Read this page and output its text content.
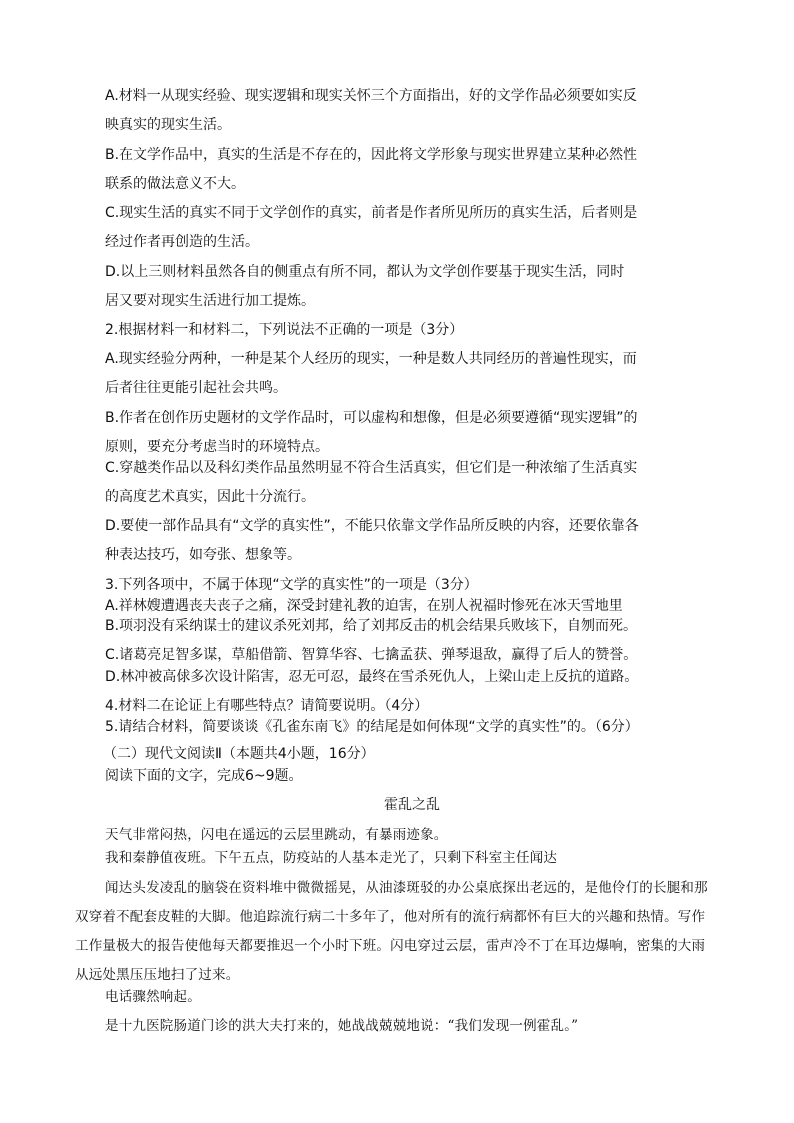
A.材料一从现实经验、现实逻辑和现实关怀三个方面指出，好的文学作品必须要如实反
映真实的现实生活。
B.在文学作品中，真实的生活是不存在的，因此将文学形象与现实世界建立某种必然性
联系的做法意义不大。
C.现实生活的真实不同于文学创作的真实，前者是作者所见所历的真实生活，后者则是
经过作者再创造的生活。
D.以上三则材料虽然各自的侧重点有所不同，都认为文学创作要基于现实生活，同时
居又要对现实生活进行加工提炼。
2.根据材料一和材料二，下列说法不正确的一项是（3分）
A.现实经验分两种，一种是某个人经历的现实，一种是数人共同经历的普遍性现实，而
后者往往更能引起社会共鸣。
B.作者在创作历史题材的文学作品时，可以虚构和想像，但是必须要遵循“现实逻辑”的
原则，要充分考虑当时的环境特点。
C.穿越类作品以及科幻类作品虽然明显不符合生活真实，但它们是一种浓缩了生活真实
的高度艺术真实，因此十分流行。
D.要使一部作品具有“文学的真实性”，不能只依靠文学作品所反映的内容，还要依靠各
种表达技巧，如夸张、想象等。
3.下列各项中，不属于体现“文学的真实性”的一项是（3分）
A.祥林嫂遭遇丧夫丧子之痛，深受封建礼教的迫害，在别人祝福时惨死在冰天雪地里
B.项羽没有采纳谋士的建议杀死刘邦，给了刘邦反击的机会结果兵败垓下，自刎而死。
C.诸葛亮足智多谋，草船借箭、智算华容、七擒孟获、弹琴退敌，赢得了后人的赞誉。
D.林冲被高俅多次设计陷害，忍无可忍，最终在雪杀死仇人，上梁山走上反抗的道路。
4.材料二在论证上有哪些特点？请简要说明。（4分）
5.请结合材料，简要谈谈《孔雀东南飞》的结尾是如何体现“文学的真实性”的。（6分）
（二）现代文阅读Ⅱ（本题共4小题，16分）
阅读下面的文字，完成6~9题。
霍乱之乱
天气非常闷热，闪电在遥远的云层里跳动，有暴雨迹象。
我和秦静值夜班。下午五点，防疫站的人基本走光了，只剩下科室主任闻达
闻达头发凌乱的脑袋在资料堆中微微摇晃，从油漆斑驳的办公桌底探出老远的，是他伶仃的长腿和那
双穿着不配套皮鞋的大脚。他追踪流行病二十多年了，他对所有的流行病都怀有巨大的兴趣和热情。写作
工作量极大的报告使他每天都要推迟一个小时下班。闪电穿过云层，雷声冷不丁在耳边爆响，密集的大雨
从远处黑压压地扫了过来。
电话骤然响起。
是十九医院肠道门诊的洪大夫打来的，她战战兢兢地说：“我们发现一例霍乱。”
